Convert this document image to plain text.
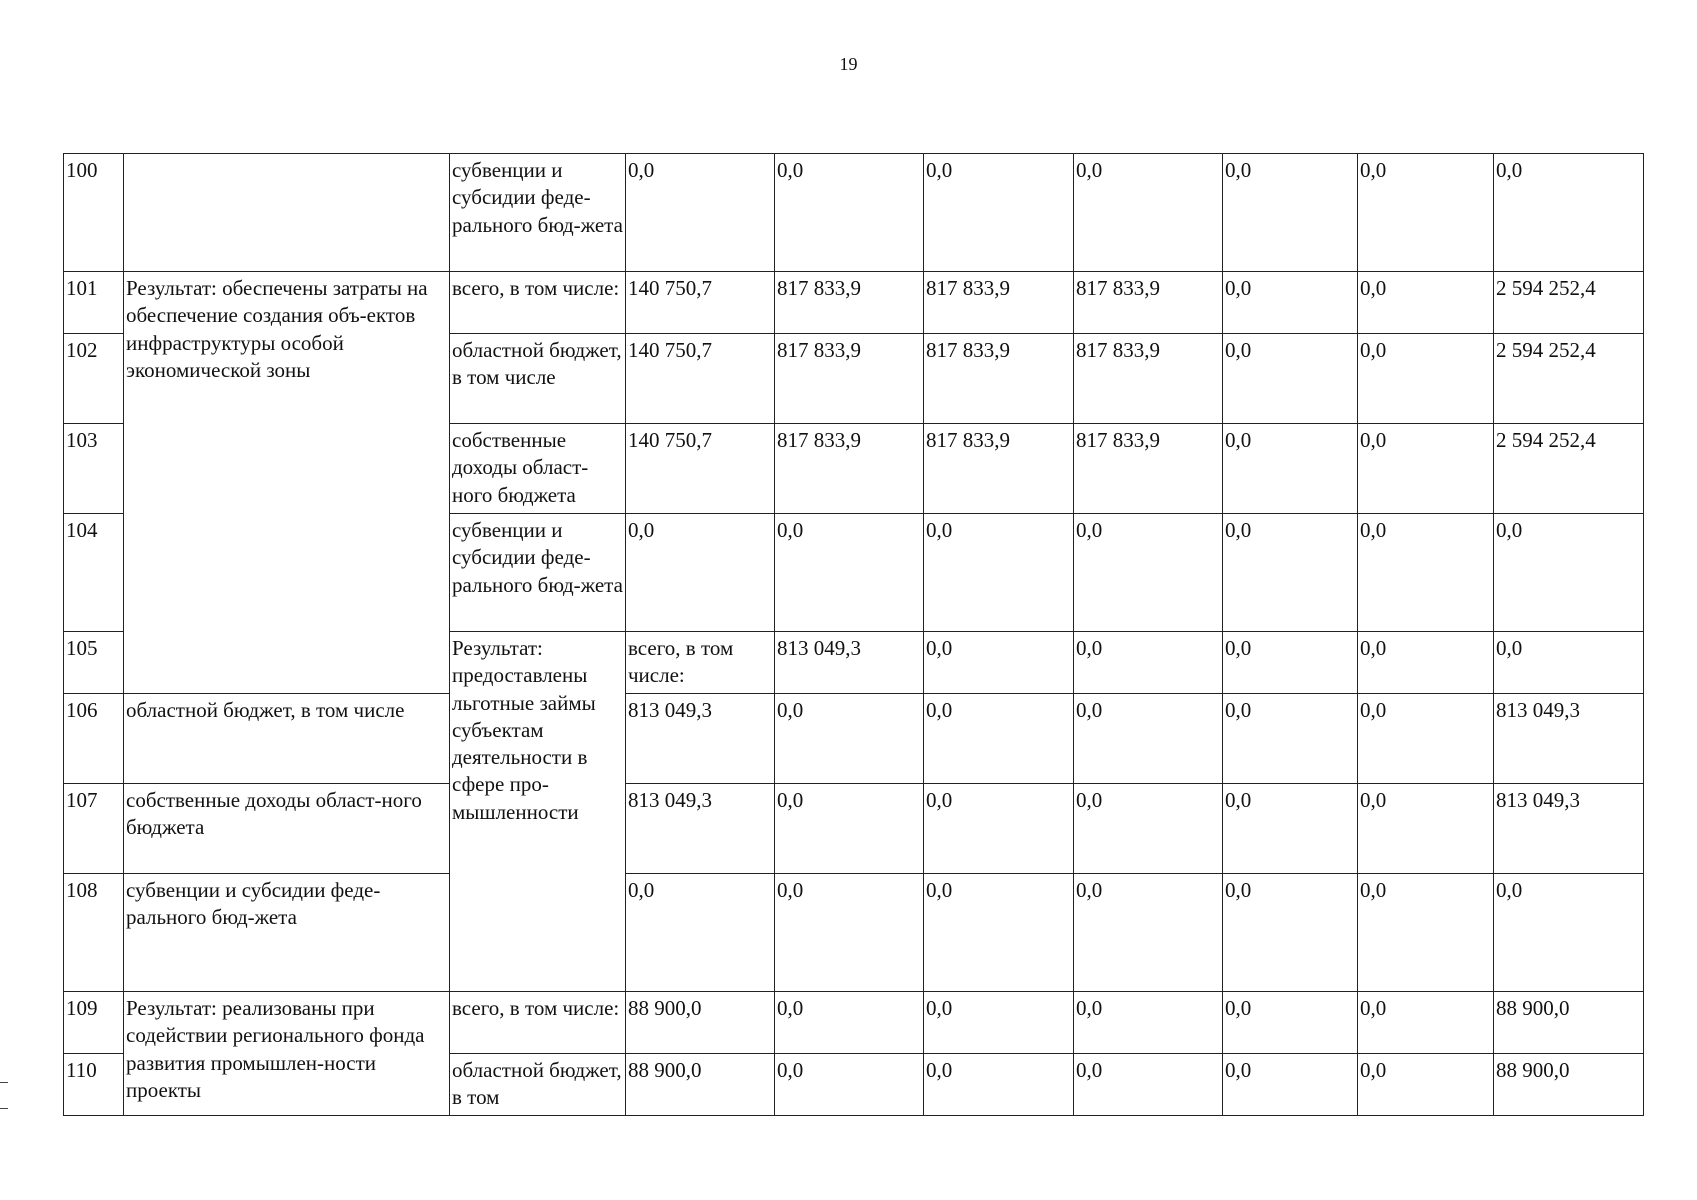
19
100		субвенции и субсидии феде-рального бюд-жета	0,0	0,0	0,0	0,0	0,0	0,0	0,0	
101	Результат: обеспечены затраты на обеспечение создания объ-ектов инфраструктуры особой экономической зоны	всего, в том числе:	140 750,7	817 833,9	817 833,9	817 833,9	0,0	0,0	2 594 252,4	
102		областной бюджет, в том числе	140 750,7	817 833,9	817 833,9	817 833,9	0,0	0,0	2 594 252,4	
103		собственные доходы област-ного бюджета	140 750,7	817 833,9	817 833,9	817 833,9	0,0	0,0	2 594 252,4	
104		субвенции и субсидии феде-рального бюд-жета	0,0	0,0	0,0	0,0	0,0	0,0	0,0	
105		Результат: предоставлены льготные займы субъектам деятельности в сфере про-мышленности	всего, в том числе:	813 049,3	0,0	0,0	0,0	0,0	0,0	
106	областной бюджет, в том числе		813 049,3	0,0	0,0	0,0	0,0	0,0	813 049,3	
107	собственные доходы област-ного бюджета		813 049,3	0,0	0,0	0,0	0,0	0,0	813 049,3	
108	субвенции и субсидии феде-рального бюд-жета		0,0	0,0	0,0	0,0	0,0	0,0	0,0	
109	Результат: реализованы при содействии регионального фонда развития промышлен-ности проекты	всего, в том числе:	88 900,0	0,0	0,0	0,0	0,0	0,0	88 900,0	
110		областной бюджет, в том	88 900,0	0,0	0,0	0,0	0,0	0,0	88 900,0	
